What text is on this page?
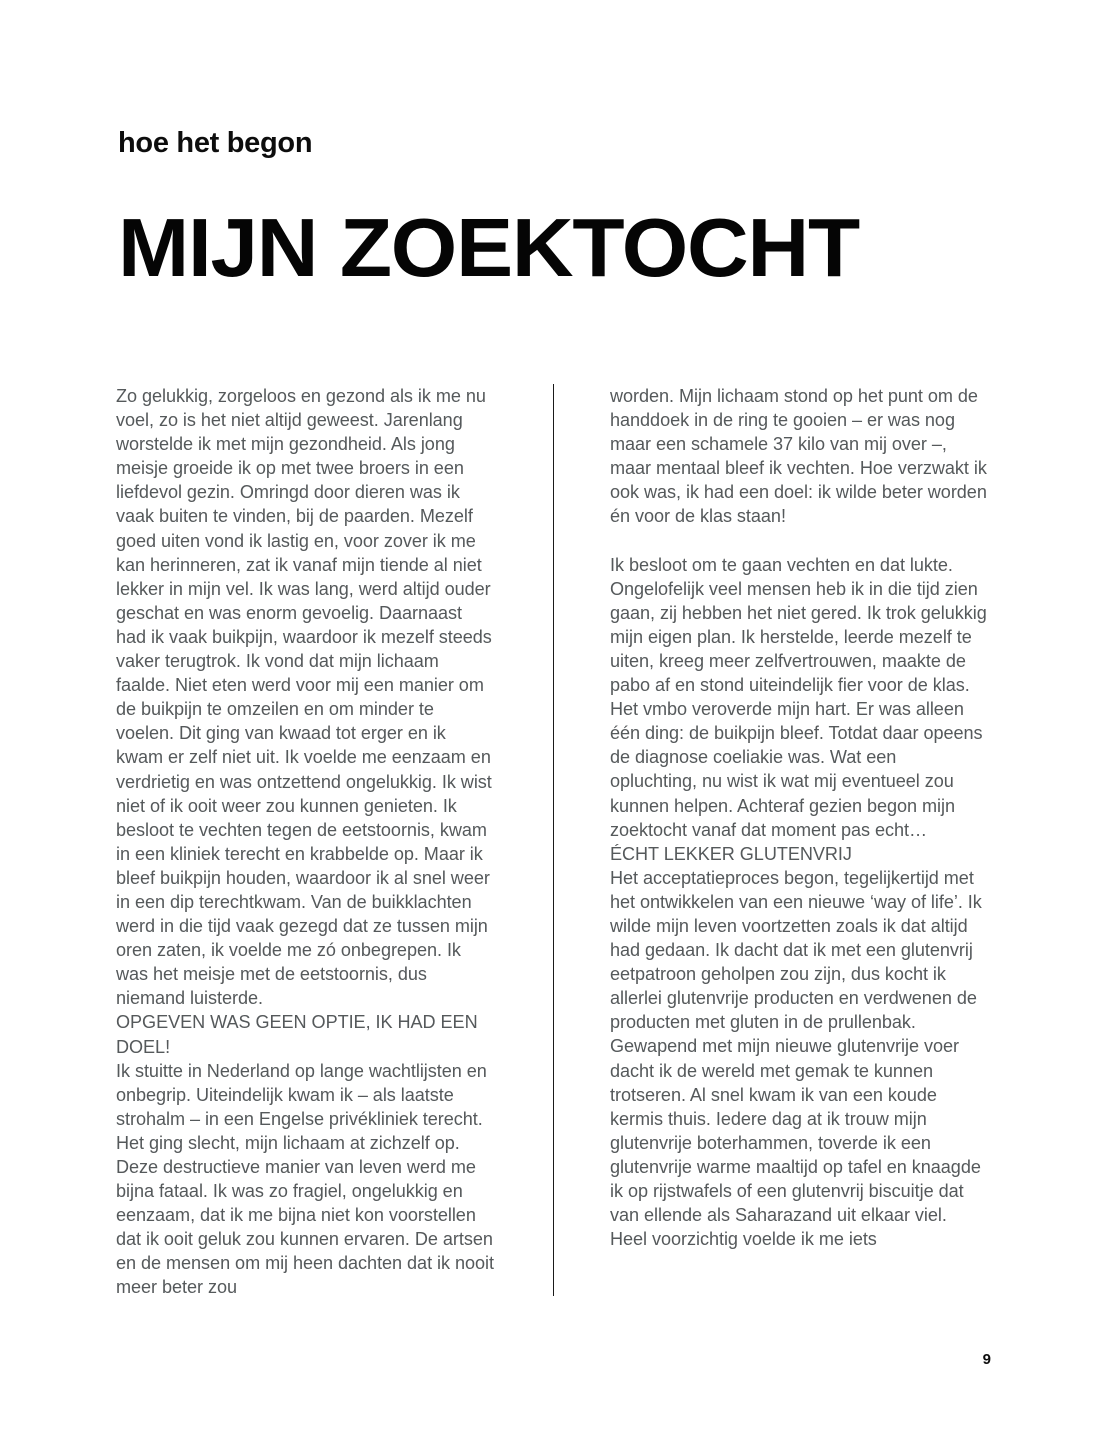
hoe het begon
MIJN ZOEKTOCHT

Zo gelukkig, zorgeloos en gezond als ik me nu voel, zo is het niet altijd geweest. Jarenlang worstelde ik met mijn gezondheid. Als jong meisje groeide ik op met twee broers in een liefdevol gezin. Omringd door dieren was ik vaak buiten te vinden, bij de paarden. Mezelf goed uiten vond ik lastig en, voor zover ik me kan herinneren, zat ik vanaf mijn tiende al niet lekker in mijn vel. Ik was lang, werd altijd ouder geschat en was enorm gevoelig. Daarnaast had ik vaak buikpijn, waardoor ik mezelf steeds vaker terugtrok. Ik vond dat mijn lichaam faalde. Niet eten werd voor mij een manier om de buikpijn te omzeilen en om minder te voelen. Dit ging van kwaad tot erger en ik kwam er zelf niet uit. Ik voelde me eenzaam en verdrietig en was ontzettend ongelukkig. Ik wist niet of ik ooit weer zou kunnen genieten. Ik besloot te vechten tegen de eetstoornis, kwam in een kliniek terecht en krabbelde op. Maar ik bleef buikpijn houden, waardoor ik al snel weer in een dip terechtkwam. Van de buikklachten werd in die tijd vaak gezegd dat ze tussen mijn oren zaten, ik voelde me zó onbegrepen. Ik was het meisje met de eetstoornis, dus niemand luisterde.

OPGEVEN WAS GEEN OPTIE, IK HAD EEN DOEL!

Ik stuitte in Nederland op lange wachtlijsten en onbegrip. Uiteindelijk kwam ik – als laatste strohalm – in een Engelse privékliniek terecht. Het ging slecht, mijn lichaam at zichzelf op. Deze destructieve manier van leven werd me bijna fataal. Ik was zo fragiel, ongelukkig en eenzaam, dat ik me bijna niet kon voorstellen dat ik ooit geluk zou kunnen ervaren. De artsen en de mensen om mij heen dachten dat ik nooit meer beter zou

worden. Mijn lichaam stond op het punt om de handdoek in de ring te gooien – er was nog maar een schamele 37 kilo van mij over –, maar mentaal bleef ik vechten. Hoe verzwakt ik ook was, ik had een doel: ik wilde beter worden én voor de klas staan!

Ik besloot om te gaan vechten en dat lukte. Ongelofelijk veel mensen heb ik in die tijd zien gaan, zij hebben het niet gered. Ik trok gelukkig mijn eigen plan. Ik herstelde, leerde mezelf te uiten, kreeg meer zelfvertrouwen, maakte de pabo af en stond uiteindelijk fier voor de klas. Het vmbo veroverde mijn hart. Er was alleen één ding: de buikpijn bleef. Totdat daar opeens de diagnose coeliakie was. Wat een opluchting, nu wist ik wat mij eventueel zou kunnen helpen. Achteraf gezien begon mijn zoektocht vanaf dat moment pas echt…

ÉCHT LEKKER GLUTENVRIJ

Het acceptatieproces begon, tegelijkertijd met het ontwikkelen van een nieuwe ‘way of life’. Ik wilde mijn leven voortzetten zoals ik dat altijd had gedaan. Ik dacht dat ik met een glutenvrij eetpatroon geholpen zou zijn, dus kocht ik allerlei glutenvrije producten en verdwenen de producten met gluten in de prullenbak. Gewapend met mijn nieuwe glutenvrije voer dacht ik de wereld met gemak te kunnen trotseren. Al snel kwam ik van een koude kermis thuis. Iedere dag at ik trouw mijn glutenvrije boterhammen, toverde ik een glutenvrije warme maaltijd op tafel en knaagde ik op rijstwafels of een glutenvrij biscuitje dat van ellende als Saharazand uit elkaar viel. Heel voorzichtig voelde ik me iets

9
